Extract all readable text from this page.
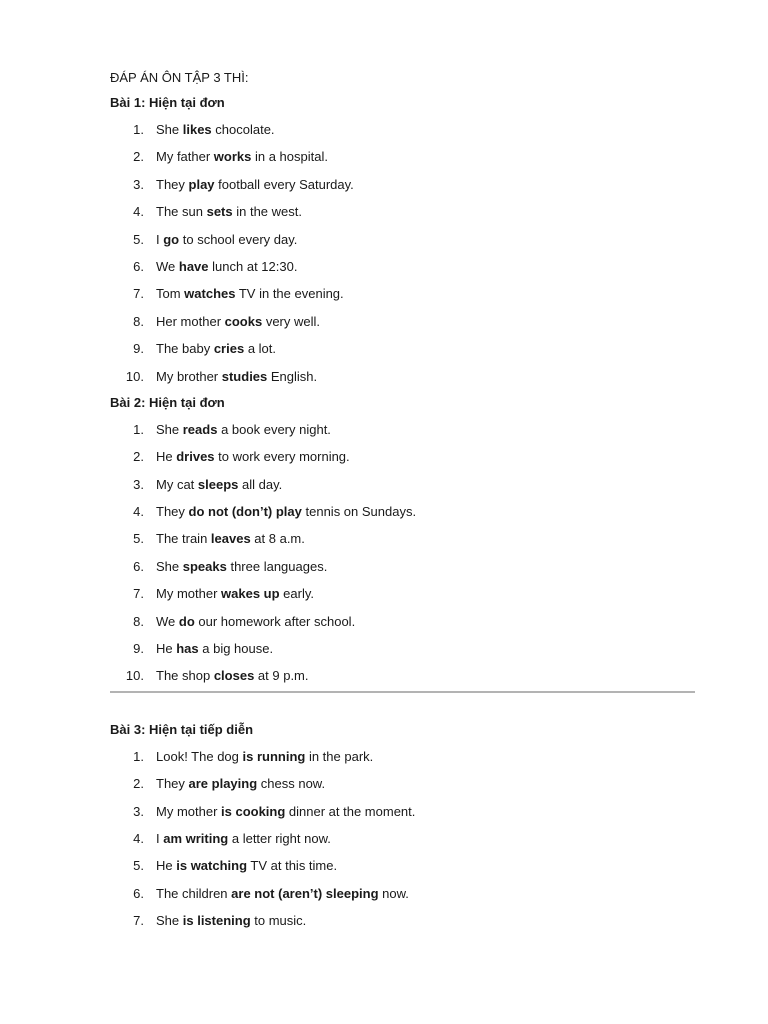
ĐÁP ÁN ÔN TẬP 3 THÌ:

Bài 1: Hiện tại đơn

1. She likes chocolate.
2. My father works in a hospital.
3. They play football every Saturday.
4. The sun sets in the west.
5. I go to school every day.
6. We have lunch at 12:30.
7. Tom watches TV in the evening.
8. Her mother cooks very well.
9. The baby cries a lot.
10. My brother studies English.

Bài 2: Hiện tại đơn

1. She reads a book every night.
2. He drives to work every morning.
3. My cat sleeps all day.
4. They do not (don’t) play tennis on Sundays.
5. The train leaves at 8 a.m.
6. She speaks three languages.
7. My mother wakes up early.
8. We do our homework after school.
9. He has a big house.
10. The shop closes at 9 p.m.

Bài 3: Hiện tại tiếp diễn

1. Look! The dog is running in the park.
2. They are playing chess now.
3. My mother is cooking dinner at the moment.
4. I am writing a letter right now.
5. He is watching TV at this time.
6. The children are not (aren’t) sleeping now.
7. She is listening to music.
